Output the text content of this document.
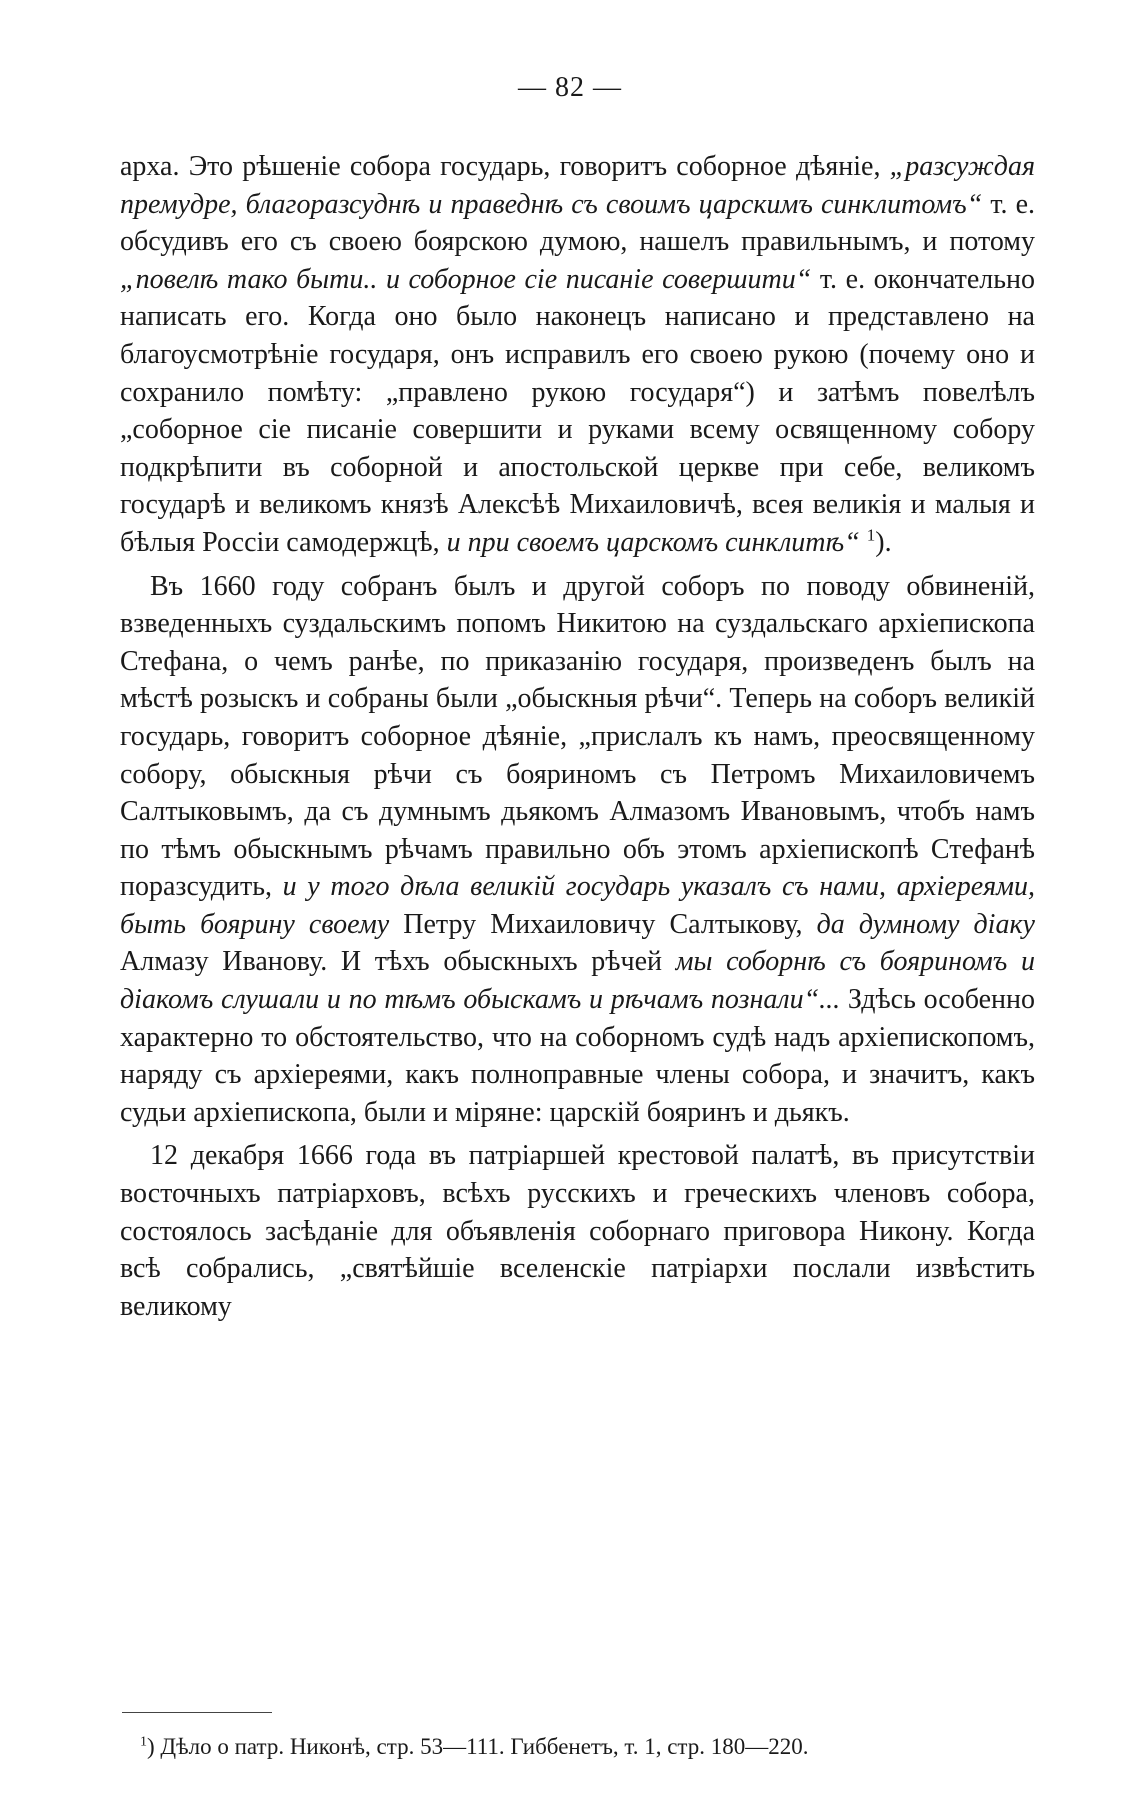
— 82 —

арха. Это рѣшеніе собора государь, говоритъ соборное дѣяніе, „разсуждая премудре, благоразсуднѣ и праведнѣ съ своимъ царскимъ синклитомъ“ т. е. обсудивъ его съ своею боярскою думою, нашелъ правильнымъ, и потому „повелѣ тако быти.. и соборное сіе писаніе совершити“ т. е. окончательно написать его. Когда оно было наконецъ написано и представлено на благоусмотрѣніе государя, онъ исправилъ его своею рукою (почему оно и сохранило помѣту: „правлено рукою государя“) и затѣмъ повелѣлъ „соборное сіе писаніе совершити и руками всему освященному собору подкрѣпити въ соборной и апостольской церкве при себе, великомъ государѣ и великомъ князѣ Алексѣѣ Михаиловичѣ, всея великія и малыя и бѣлыя Россіи самодержцѣ, и при своемъ царскомъ синклитѣ“ $^1$).

Въ 1660 году собранъ былъ и другой соборъ по поводу обвиненій, взведенныхъ суздальскимъ попомъ Никитою на суздальскаго архіепископа Стефана, о чемъ ранѣе, по приказанію государя, произведенъ былъ на мѣстѣ розыскъ и собраны были „обыскныя рѣчи“. Теперь на соборъ великій государь, говоритъ соборное дѣяніе, „прислалъ къ намъ, преосвященному собору, обыскныя рѣчи съ бояриномъ съ Петромъ Михаиловичемъ Салтыковымъ, да съ думнымъ дьякомъ Алмазомъ Ивановымъ, чтобъ намъ по тѣмъ обыскнымъ рѣчамъ правильно объ этомъ архіепископѣ Стефанѣ поразсудить, и у того дѣла великій государь указалъ съ нами, архіереями, быть боярину своему Петру Михаиловичу Салтыкову, да думному діаку Алмазу Иванову. И тѣхъ обыскныхъ рѣчей мы соборнѣ съ бояриномъ и діакомъ слушали и по тѣмъ обыскамъ и рѣчамъ познали“... Здѣсь особенно характерно то обстоятельство, что на соборномъ судѣ надъ архіепископомъ, наряду съ архіереями, какъ полноправные члены собора, и значитъ, какъ судьи архіепископа, были и міряне: царскій бояринъ и дьякъ.

12 декабря 1666 года въ патріаршей крестовой палатѣ, въ присутствіи восточныхъ патріарховъ, всѣхъ русскихъ и греческихъ членовъ собора, состоялось засѣданіе для объявленія соборнаго приговора Никону. Когда всѣ собрались, „святѣйшіе вселенскіе патріархи послали извѣстить великому

$^1$) Дѣло о патр. Никонѣ, стр. 53—111. Гиббенетъ, т. 1, стр. 180—220.
